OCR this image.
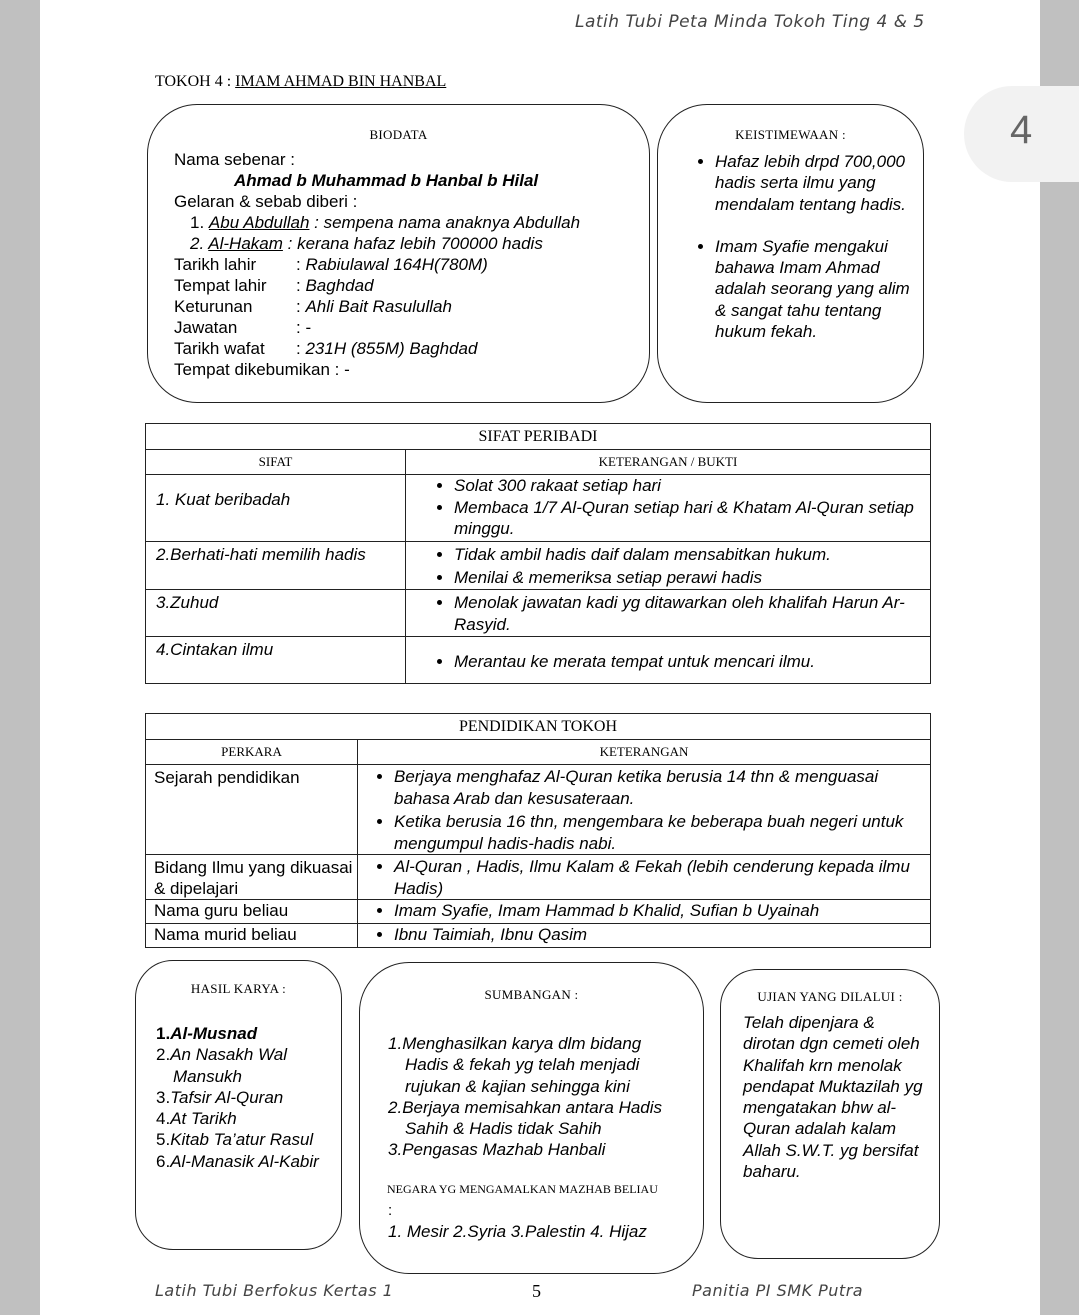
Latih Tubi Peta Minda Tokoh Ting 4 & 5
TOKOH 4 : IMAM AHMAD BIN HANBAL
BIODATA
Nama sebenar :
Ahmad b Muhammad b Hanbal b Hilal
Gelaran & sebab diberi :
1. Abu Abdullah : sempena nama anaknya Abdullah
2. Al-Hakam : kerana hafaz lebih 700000 hadis
Tarikh lahir : Rabiulawal 164H(780M)
Tempat lahir : Baghdad
Keturunan	: Ahli Bait Rasulullah
Jawatan	: -
Tarikh wafat : 231H (855M) Baghdad
Tempat dikebumikan : -
KEISTIMEWAAN :
• Hafaz lebih drpd 700,000 hadis serta ilmu yang mendalam tentang hadis.
• Imam Syafie mengakui bahawa Imam Ahmad adalah seorang yang alim & sangat tahu tentang hukum fekah.
SIFAT PERIBADI	
SIFAT	KETERANGAN / BUKTI
1. Kuat beribadah	
• Solat 300 rakaat setiap hari
• Membaca 1/7 Al-Quran setiap hari & Khatam Al-Quran setiap minggu.

2.Berhati-hati memilih hadis	
•Tidak ambil hadis daif dalam mensabitkan hukum.
• Menilai & memeriksa setiap perawi hadis

3.Zuhud	
•Menolak jawatan kadi yg ditawarkan oleh khalifah Harun Ar-Rasyid.

4.Cintakan ilmu	
• Merantau ke merata tempat untuk mencari ilmu.
PENDIDIKAN TOKOH	
PERKARA	KETERANGAN
Sejarah pendidikan	
•Berjaya menghafaz Al-Quran ketika berusia 14 thn & menguasai bahasa Arab dan kesusateraan.
• Ketika berusia 16 thn, mengembara ke beberapa buah negeri untuk mengumpul hadis-hadis nabi.

Bidang Ilmu yang dikuasai & dipelajari	
• Al-Quran , Hadis, Ilmu Kalam & Fekah (lebih cenderung kepada ilmu Hadis)

Nama guru beliau	
•Imam Syafie, Imam Hammad b Khalid, Sufian b Uyainah

Nama murid beliau	
•Ibnu Taimiah, Ibnu Qasim
HASIL KARYA :
1.Al-Musnad
2.An Nasakh Wal Mansukh
3.Tafsir Al-Quran
4.At Tarikh
5.Kitab Ta’atur Rasul
6.Al-Manasik Al-Kabir
SUMBANGAN :
1.Menghasilkan karya dlm bidang Hadis & fekah yg telah menjadi rujukan & kajian sehingga kini
2.Berjaya memisahkan antara Hadis Sahih & Hadis tidak Sahih
3.Pengasas Mazhab Hanbali
NEGARA YG MENGAMALKAN MAZHAB BELIAU
:
1. Mesir 2.Syria 3.Palestin 4. Hijaz
UJIAN YANG DILALUI :
Telah dipenjara & dirotan dgn cemeti oleh Khalifah krn menolak pendapat Muktazilah yg mengatakan bhw al-Quran adalah kalam Allah S.W.T. yg bersifat baharu.
Latih Tubi Berfokus Kertas 1	5	Panitia PI SMK Putra
4
